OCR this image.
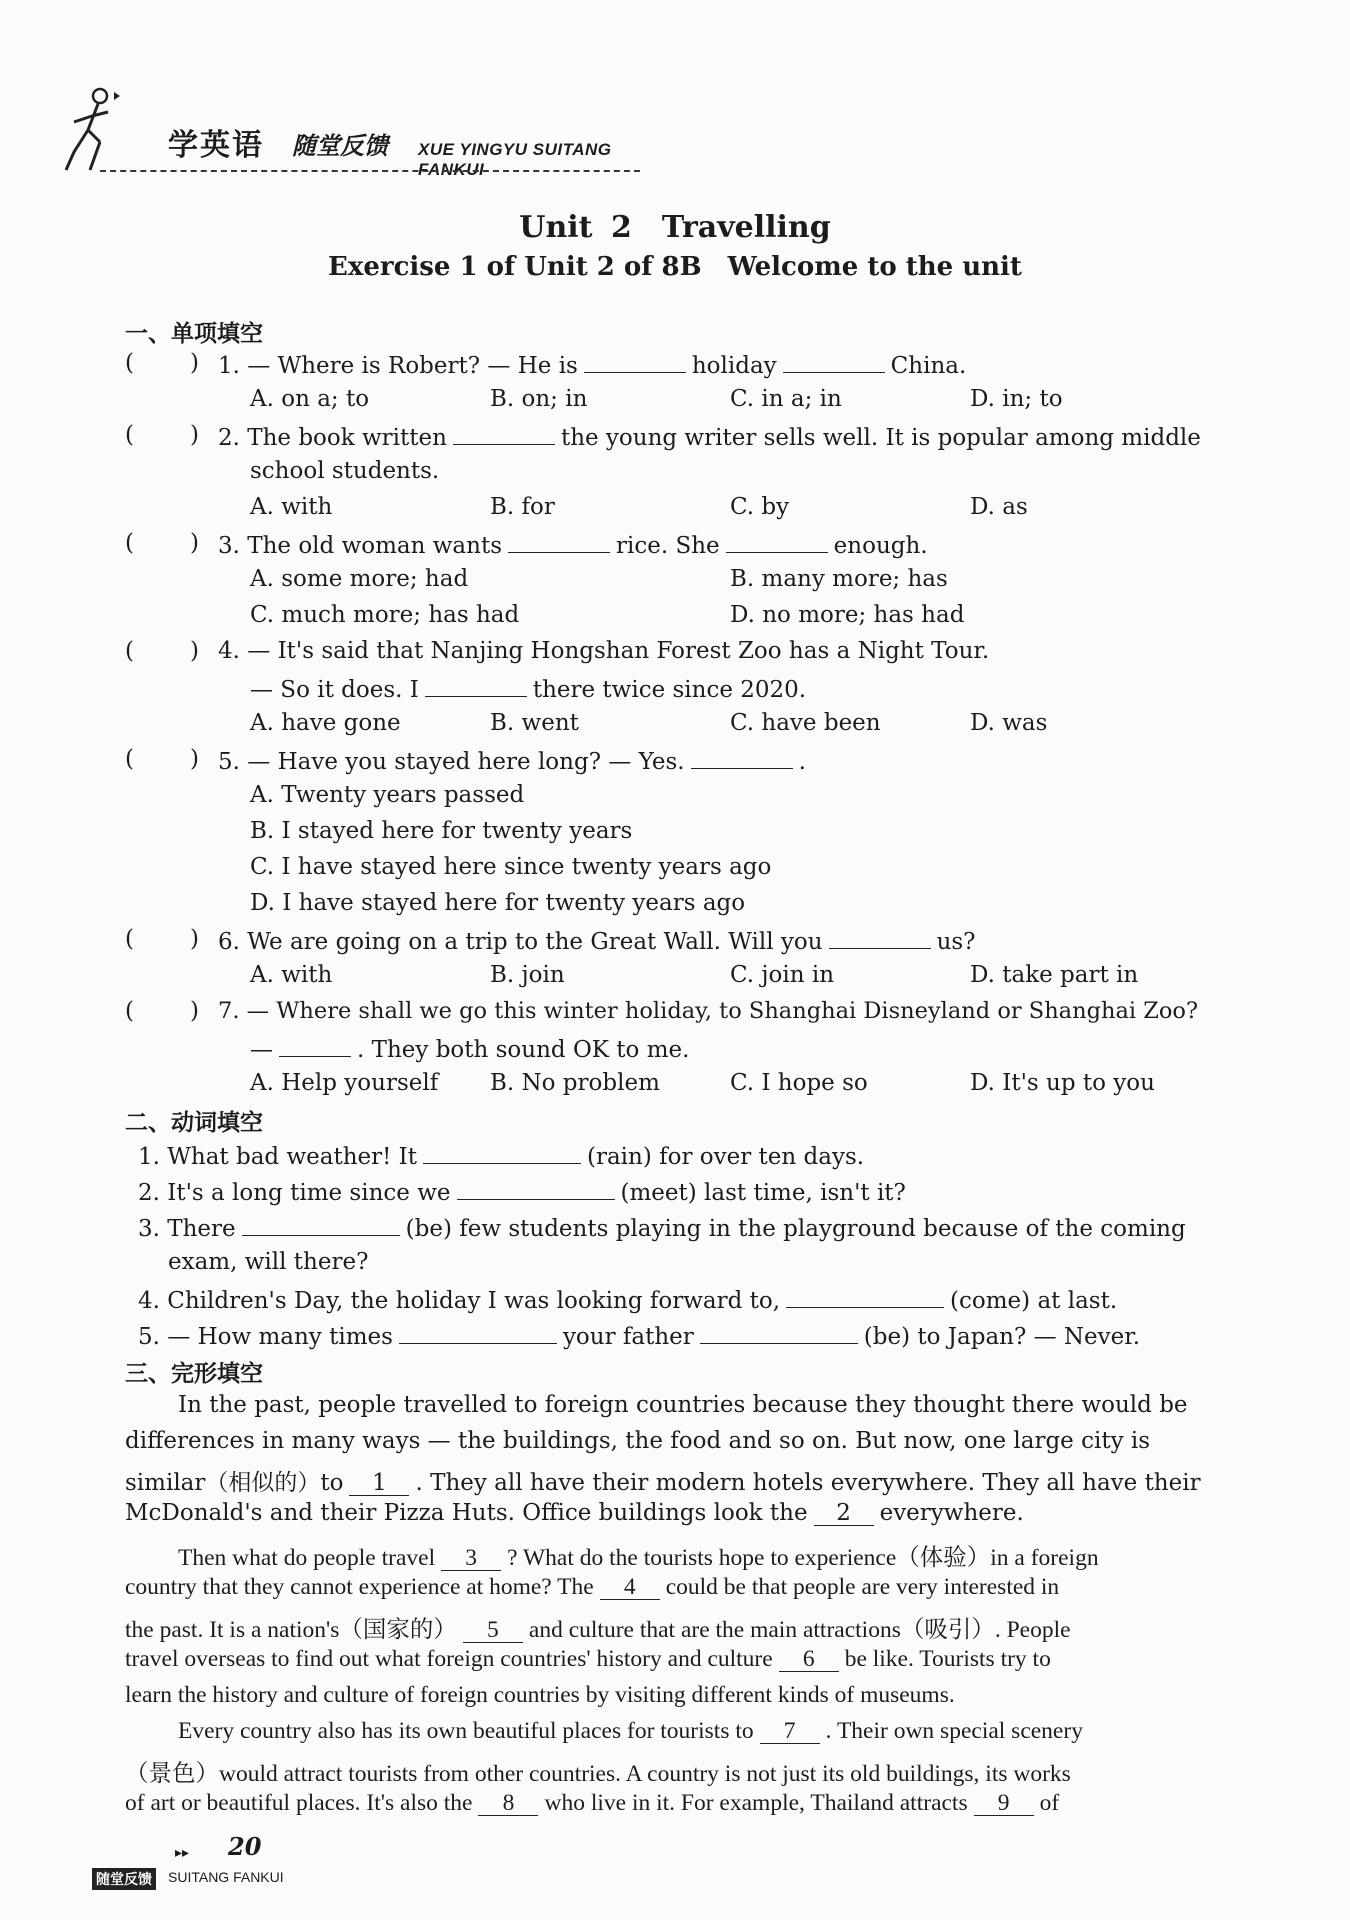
学英语 随堂反馈 XUE YINGYU SUITANG FANKUI
Unit 2　Travelling
Exercise 1 of Unit 2 of 8B Welcome to the unit
一、单项填空
( ) 1. — Where is Robert? — He is	holiday	China.
A. on a; to	B. on; in	C. in a; in	D. in; to
( ) 2. The book written	the young writer sells well. It is popular among middle
school students.
A. with	B. for	C. by	D. as
( ) 3. The old woman wants	rice. She	enough.
A. some more; had	B. many more; has
C. much more; has had	D. no more; has had
( ) 4. — It's said that Nanjing Hongshan Forest Zoo has a Night Tour.
— So it does. I	there twice since 2020.
A. have gone	B. went	C. have been	D. was
( ) 5. — Have you stayed here long? — Yes.	.
A. Twenty years passed
B. I stayed here for twenty years
C. I have stayed here since twenty years ago
D. I have stayed here for twenty years ago
( ) 6. We are going on a trip to the Great Wall. Will you	us?
A. with	B. join	C. join in	D. take part in
( ) 7. — Where shall we go this winter holiday, to Shanghai Disneyland or Shanghai Zoo?
—	. They both sound OK to me.
A. Help yourself B. No problem	C. I hope so	D. It's up to you
二、动词填空
1. What bad weather! It	(rain) for over ten days.
2. It's a long time since we	(meet) last time, isn't it?
3. There	(be) few students playing in the playground because of the coming
exam, will there?
4. Children's Day, the holiday I was looking forward to,	(come) at last.
5. — How many times	your father	(be) to Japan? — Never.
三、完形填空
In the past, people travelled to foreign countries because they thought there would be
differences in many ways — the buildings, the food and so on. But now, one large city is
similar（相似的）to 1 . They all have their modern hotels everywhere. They all have their
McDonald's and their Pizza Huts. Office buildings look the 2 everywhere.
Then what do people travel 3 ? What do the tourists hope to experience（体验）in a foreign
country that they cannot experience at home? The 4 could be that people are very interested in
the past. It is a nation's（国家的） 5 and culture that are the main attractions（吸引）. People
travel overseas to find out what foreign countries' history and culture 6 be like. Tourists try to
learn the history and culture of foreign countries by visiting different kinds of museums.
Every country also has its own beautiful places for tourists to 7 . Their own special scenery
（景色）would attract tourists from other countries. A country is not just its old buildings, its works
of art or beautiful places. It's also the 8 who live in it. For example, Thailand attracts 9 of
▸▸ 20
随堂反馈 SUITANG FANKUI
